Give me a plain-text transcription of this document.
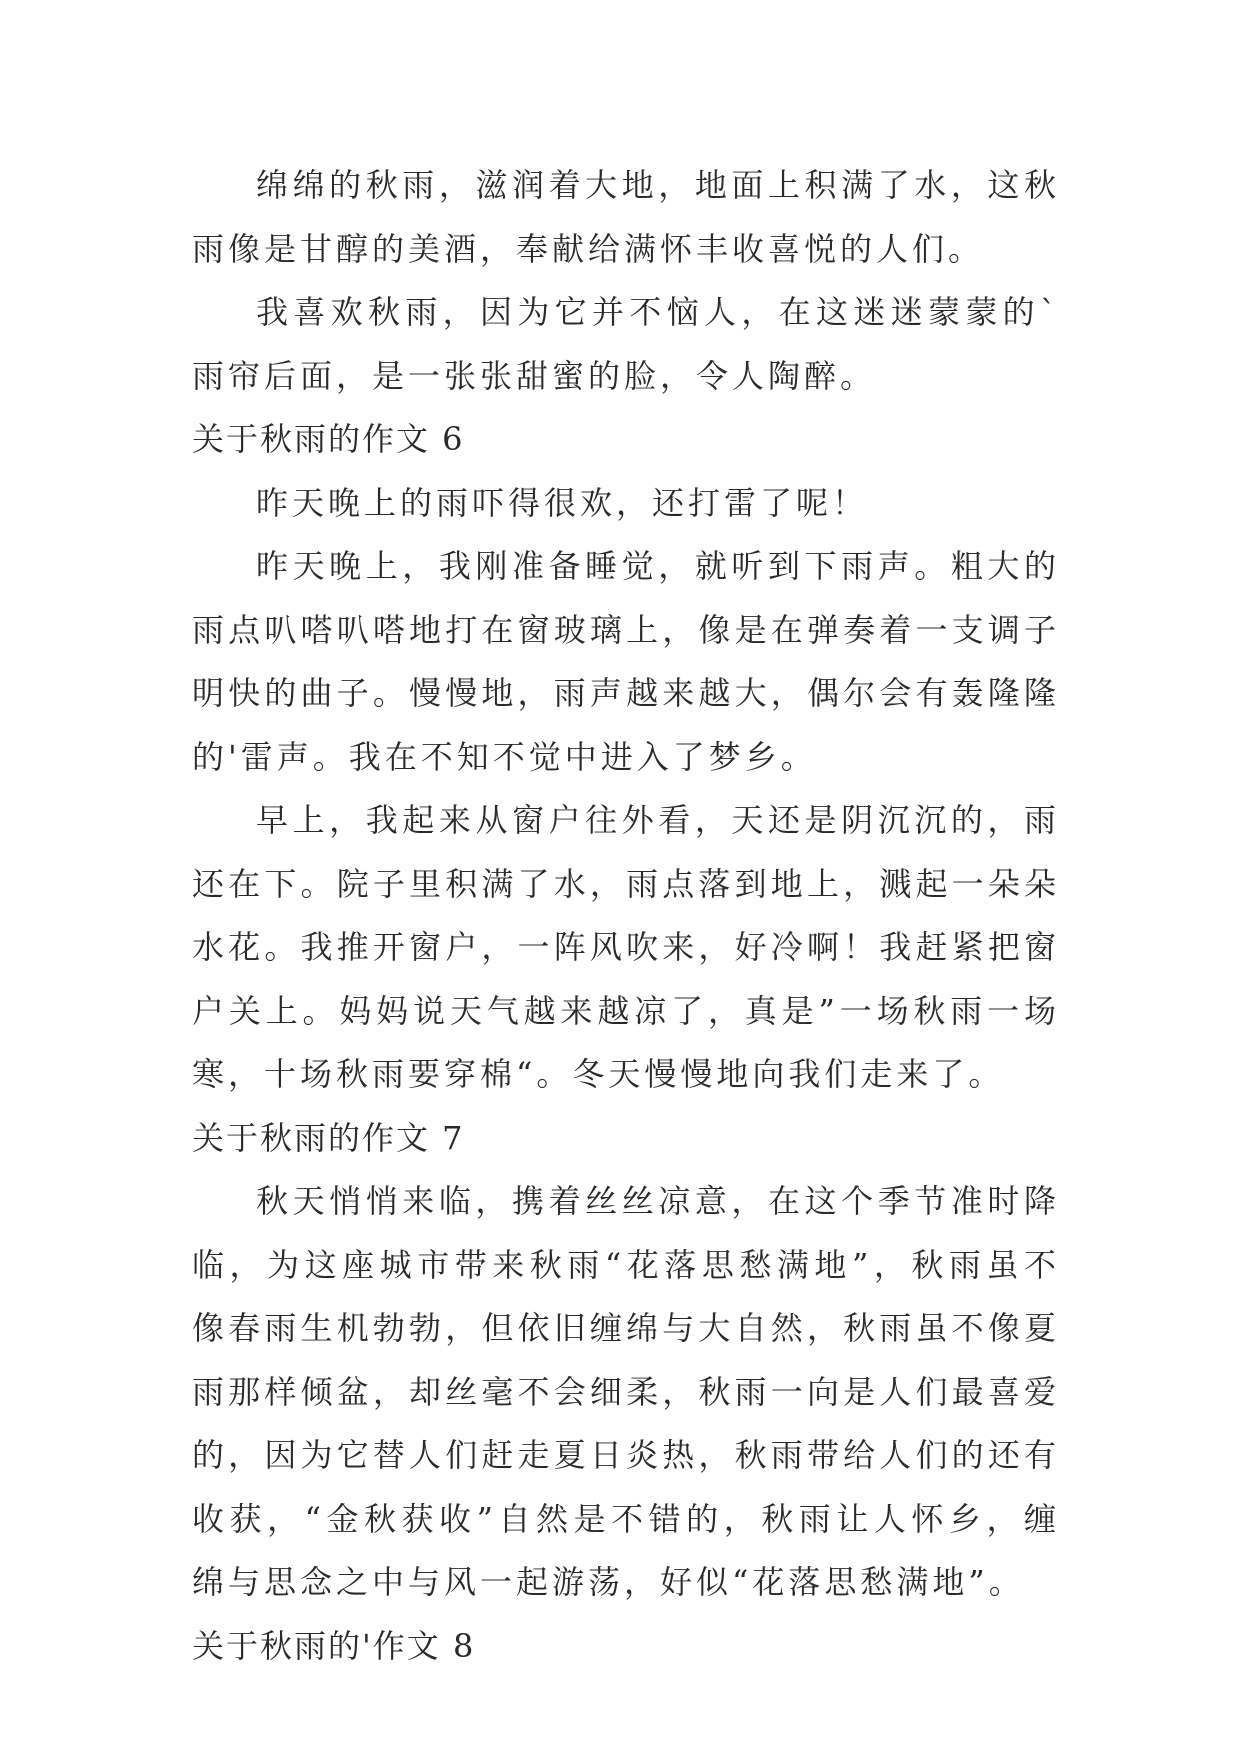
绵绵的秋雨，滋润着大地，地面上积满了水，这秋雨像是甘醇的美酒，奉献给满怀丰收喜悦的人们。

我喜欢秋雨，因为它并不恼人，在这迷迷蒙蒙的`雨帘后面，是一张张甜蜜的脸，令人陶醉。

关于秋雨的作文 6

昨天晚上的雨吓得很欢，还打雷了呢！

昨天晚上，我刚准备睡觉，就听到下雨声。粗大的雨点叭嗒叭嗒地打在窗玻璃上，像是在弹奏着一支调子明快的曲子。慢慢地，雨声越来越大，偶尔会有轰隆隆的'雷声。我在不知不觉中进入了梦乡。

早上，我起来从窗户往外看，天还是阴沉沉的，雨还在下。院子里积满了水，雨点落到地上，溅起一朵朵水花。我推开窗户，一阵风吹来，好冷啊！我赶紧把窗户关上。妈妈说天气越来越凉了，真是”一场秋雨一场寒，十场秋雨要穿棉“。冬天慢慢地向我们走来了。

关于秋雨的作文 7

秋天悄悄来临，携着丝丝凉意，在这个季节准时降临，为这座城市带来秋雨“花落思愁满地”，秋雨虽不像春雨生机勃勃，但依旧缠绵与大自然，秋雨虽不像夏雨那样倾盆，却丝毫不会细柔，秋雨一向是人们最喜爱的，因为它替人们赶走夏日炎热，秋雨带给人们的还有收获，“金秋获收”自然是不错的，秋雨让人怀乡，缠绵与思念之中与风一起游荡，好似“花落思愁满地”。

关于秋雨的'作文 8
